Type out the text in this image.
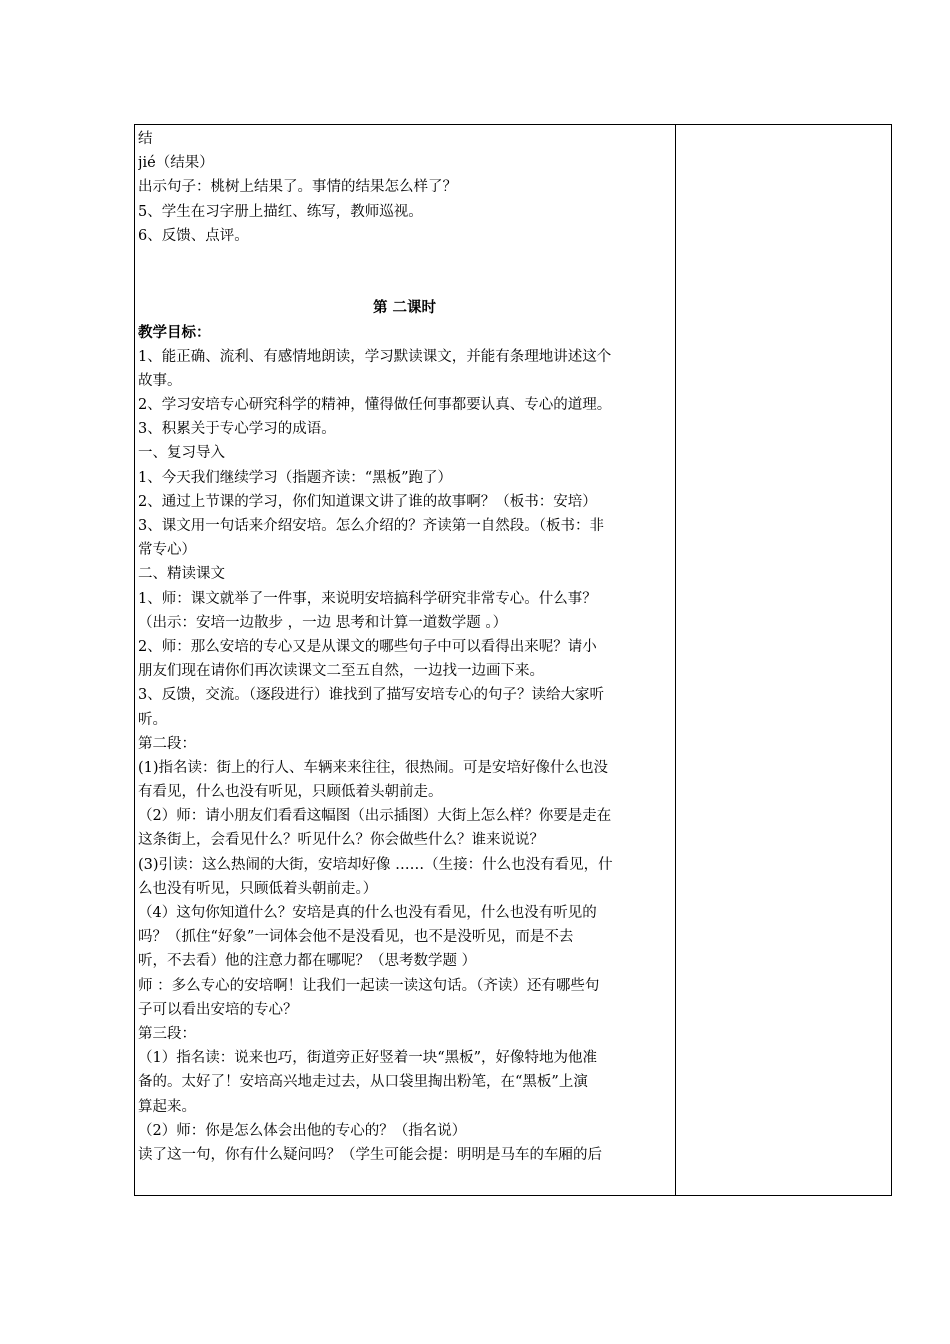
结
jié（结果）
出示句子：桃树上结果了。事情的结果怎么样了？
5、学生在习字册上描红、练写，教师巡视。
6、反馈、点评。
第 二课时
教学目标：
1、能正确、流利、有感情地朗读，学习默读课文，并能有条理地讲述这个
故事。
2、学习安培专心研究科学的精神，懂得做任何事都要认真、专心的道理。
3、积累关于专心学习的成语。
一、复习导入
1、今天我们继续学习（指题齐读：“黑板”跑了）
2、通过上节课的学习，你们知道课文讲了谁的故事啊？（板书：安培）
3、课文用一句话来介绍安培。怎么介绍的？齐读第一自然段。（板书：非
常专心）
二、精读课文
1、师：课文就举了一件事，来说明安培搞科学研究非常专心。什么事？
（出示：安培一边散步 ，一边 思考和计算一道数学题 。）
2、师：那么安培的专心又是从课文的哪些句子中可以看得出来呢？请小
朋友们现在请你们再次读课文二至五自然，一边找一边画下来。
3、反馈，交流。（逐段进行）谁找到了描写安培专心的句子？读给大家听
听。
第二段：
(1)指名读：街上的行人、车辆来来往往，很热闹。可是安培好像什么也没
有看见，什么也没有听见，只顾低着头朝前走。
（2）师：请小朋友们看看这幅图（出示插图）大街上怎么样？你要是走在
这条街上，会看见什么？听见什么？你会做些什么？谁来说说？
(3)引读：这么热闹的大街，安培却好像 ……（生接：什么也没有看见，什
么也没有听见，只顾低着头朝前走。）
（4）这句你知道什么？安培是真的什么也没有看见，什么也没有听见的
吗？（抓住“好象”一词体会他不是没看见，也不是没听见，而是不去
听，不去看）他的注意力都在哪呢？（思考数学题 ）
师 ：多么专心的安培啊！让我们一起读一读这句话。（齐读）还有哪些句
子可以看出安培的专心？
第三段：
（1）指名读：说来也巧，街道旁正好竖着一块“黑板”，好像特地为他准
备的。太好了！安培高兴地走过去，从口袋里掏出粉笔，在“黑板”上演
算起来。
（2）师：你是怎么体会出他的专心的？（指名说）
读了这一句，你有什么疑问吗？（学生可能会提：明明是马车的车厢的后
